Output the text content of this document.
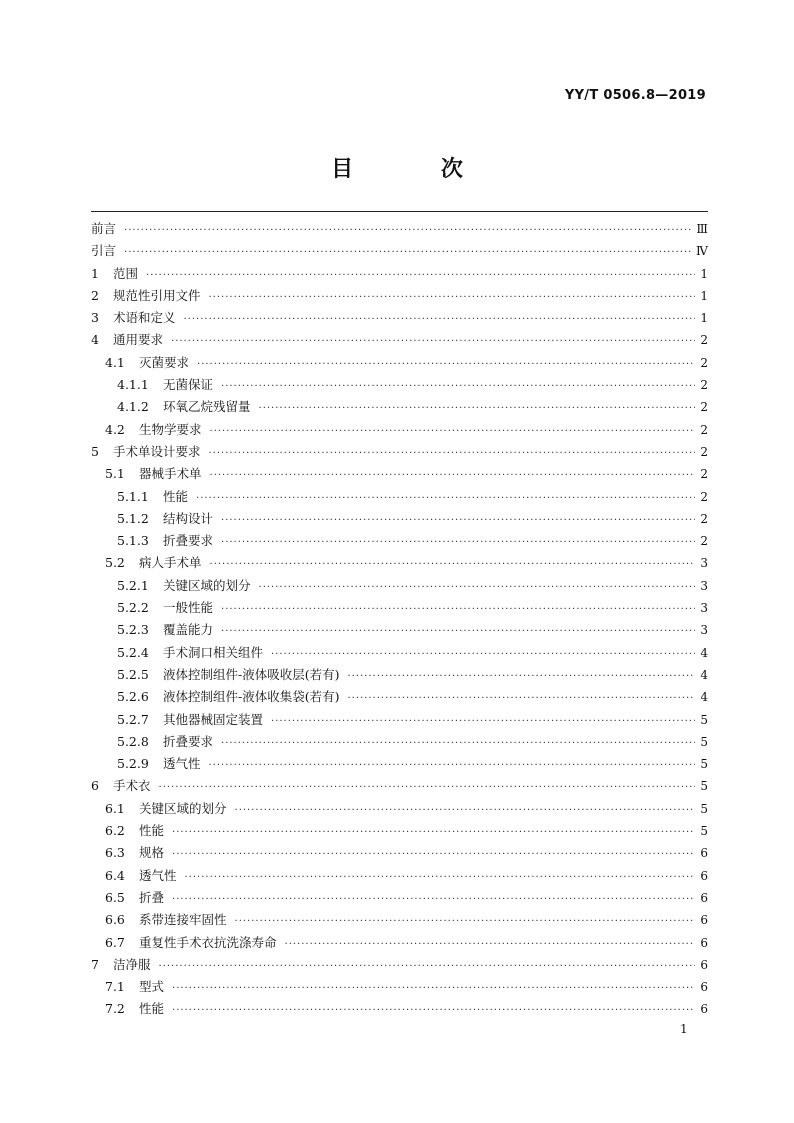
YY/T 0506.8—2019
目 次
前言 ·····	Ⅲ
引言 ·····	Ⅳ
1	范围 ·····	1
2	规范性引用文件 ·····	1
3	术语和定义 ·····	1
4	通用要求 ·····	2
4.1	灭菌要求 ·····	2
4.1.1	无菌保证 ·····	2
4.1.2	环氧乙烷残留量 ·····	2
4.2	生物学要求 ·····	2
5	手术单设计要求 ·····	2
5.1	器械手术单 ·····	2
5.1.1	性能 ·····	2
5.1.2	结构设计 ·····	2
5.1.3	折叠要求 ·····	2
5.2	病人手术单 ·····	3
5.2.1	关键区域的划分 ·····	3
5.2.2	一般性能 ·····	3
5.2.3	覆盖能力 ·····	3
5.2.4	手术洞口相关组件 ·····	4
5.2.5	液体控制组件-液体吸收层(若有) ·····	4
5.2.6	液体控制组件-液体收集袋(若有) ·····	4
5.2.7	其他器械固定装置 ·····	5
5.2.8	折叠要求 ·····	5
5.2.9	透气性 ·····	5
6	手术衣 ·····	5
6.1	关键区域的划分 ·····	5
6.2	性能 ·····	5
6.3	规格 ·····	6
6.4	透气性 ·····	6
6.5	折叠 ·····	6
6.6	系带连接牢固性 ·····	6
6.7	重复性手术衣抗洗涤寿命 ·····	6
7	洁净服 ·····	6
7.1	型式 ·····	6
7.2	性能 ·····	6
1
